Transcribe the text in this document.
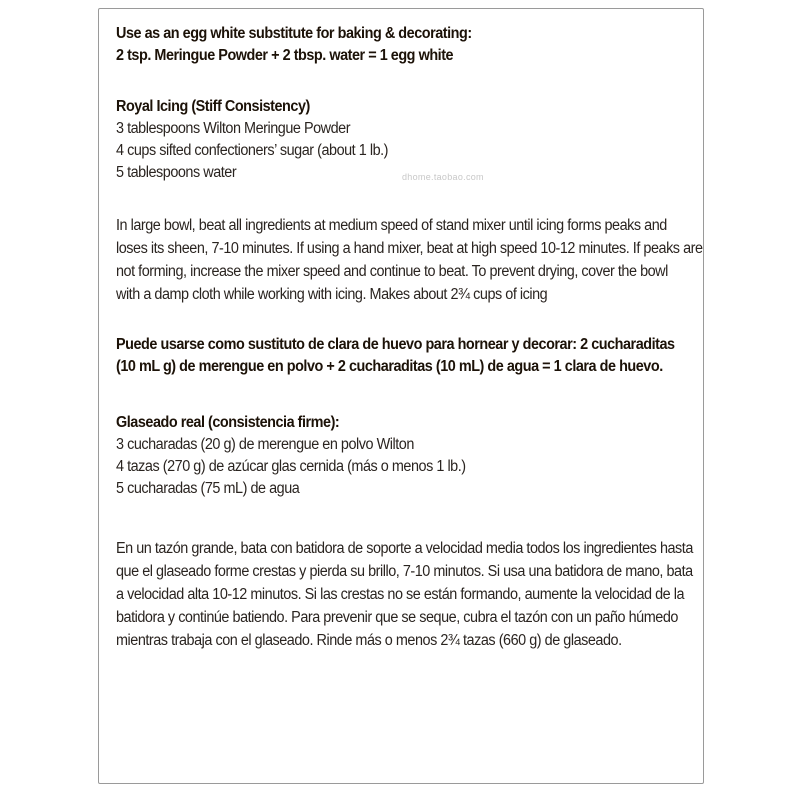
dhome.taobao.com
Use as an egg white substitute for baking & decorating:
2 tsp. Meringue Powder + 2 tbsp. water = 1 egg white
Royal Icing (Stiff Consistency)
3 tablespoons Wilton Meringue Powder
4 cups sifted confectioners’ sugar (about 1 lb.)
5 tablespoons water
In large bowl, beat all ingredients at medium speed of stand mixer until icing forms peaks and
loses its sheen, 7-10 minutes. If using a hand mixer, beat at high speed 10-12 minutes. If peaks are
not forming, increase the mixer speed and continue to beat. To prevent drying, cover the bowl
with a damp cloth while working with icing. Makes about 2¾ cups of icing
Puede usarse como sustituto de clara de huevo para hornear y decorar: 2 cucharaditas
(10 mL g) de merengue en polvo + 2 cucharaditas (10 mL) de agua = 1 clara de huevo.
Glaseado real (consistencia firme):
3 cucharadas (20 g) de merengue en polvo Wilton
4 tazas (270 g) de azúcar glas cernida (más o menos 1 lb.)
5 cucharadas (75 mL) de agua
En un tazón grande, bata con batidora de soporte a velocidad media todos los ingredientes hasta
que el glaseado forme crestas y pierda su brillo, 7-10 minutos. Si usa una batidora de mano, bata
a velocidad alta 10-12 minutos. Si las crestas no se están formando, aumente la velocidad de la
batidora y continúe batiendo. Para prevenir que se seque, cubra el tazón con un paño húmedo
mientras trabaja con el glaseado. Rinde más o menos 2¾ tazas (660 g) de glaseado.
